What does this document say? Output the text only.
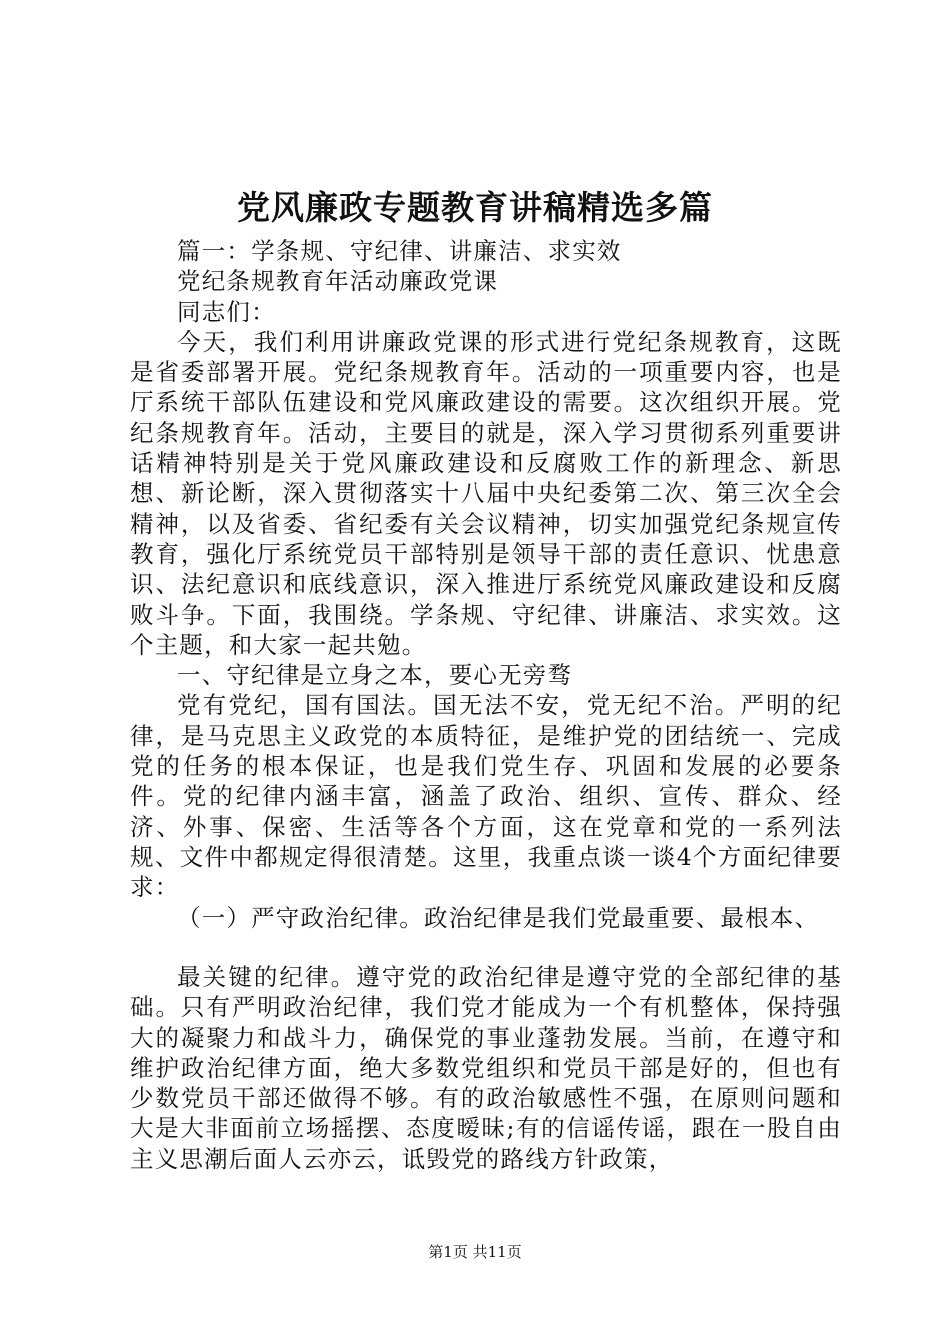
党风廉政专题教育讲稿精选多篇

篇一：学条规、守纪律、讲廉洁、求实效

党纪条规教育年活动廉政党课

同志们：

今天，我们利用讲廉政党课的形式进行党纪条规教育，这既是省委部署开展。党纪条规教育年。活动的一项重要内容，也是厅系统干部队伍建设和党风廉政建设的需要。这次组织开展。党纪条规教育年。活动，主要目的就是，深入学习贯彻系列重要讲话精神特别是关于党风廉政建设和反腐败工作的新理念、新思想、新论断，深入贯彻落实十八届中央纪委第二次、第三次全会精神，以及省委、省纪委有关会议精神，切实加强党纪条规宣传教育，强化厅系统党员干部特别是领导干部的责任意识、忧患意识、法纪意识和底线意识，深入推进厅系统党风廉政建设和反腐败斗争。下面，我围绕。学条规、守纪律、讲廉洁、求实效。这个主题，和大家一起共勉。

一、守纪律是立身之本，要心无旁骛

党有党纪，国有国法。国无法不安，党无纪不治。严明的纪律，是马克思主义政党的本质特征，是维护党的团结统一、完成党的任务的根本保证，也是我们党生存、巩固和发展的必要条件。党的纪律内涵丰富，涵盖了政治、组织、宣传、群众、经济、外事、保密、生活等各个方面，这在党章和党的一系列法规、文件中都规定得很清楚。这里，我重点谈一谈4个方面纪律要求：

（一）严守政治纪律。政治纪律是我们党最重要、最根本、

最关键的纪律。遵守党的政治纪律是遵守党的全部纪律的基础。只有严明政治纪律，我们党才能成为一个有机整体，保持强大的凝聚力和战斗力，确保党的事业蓬勃发展。当前，在遵守和维护政治纪律方面，绝大多数党组织和党员干部是好的，但也有少数党员干部还做得不够。有的政治敏感性不强，在原则问题和大是大非面前立场摇摆、态度暧昧;有的信谣传谣，跟在一股自由主义思潮后面人云亦云，诋毁党的路线方针政策，

第1页 共11页
